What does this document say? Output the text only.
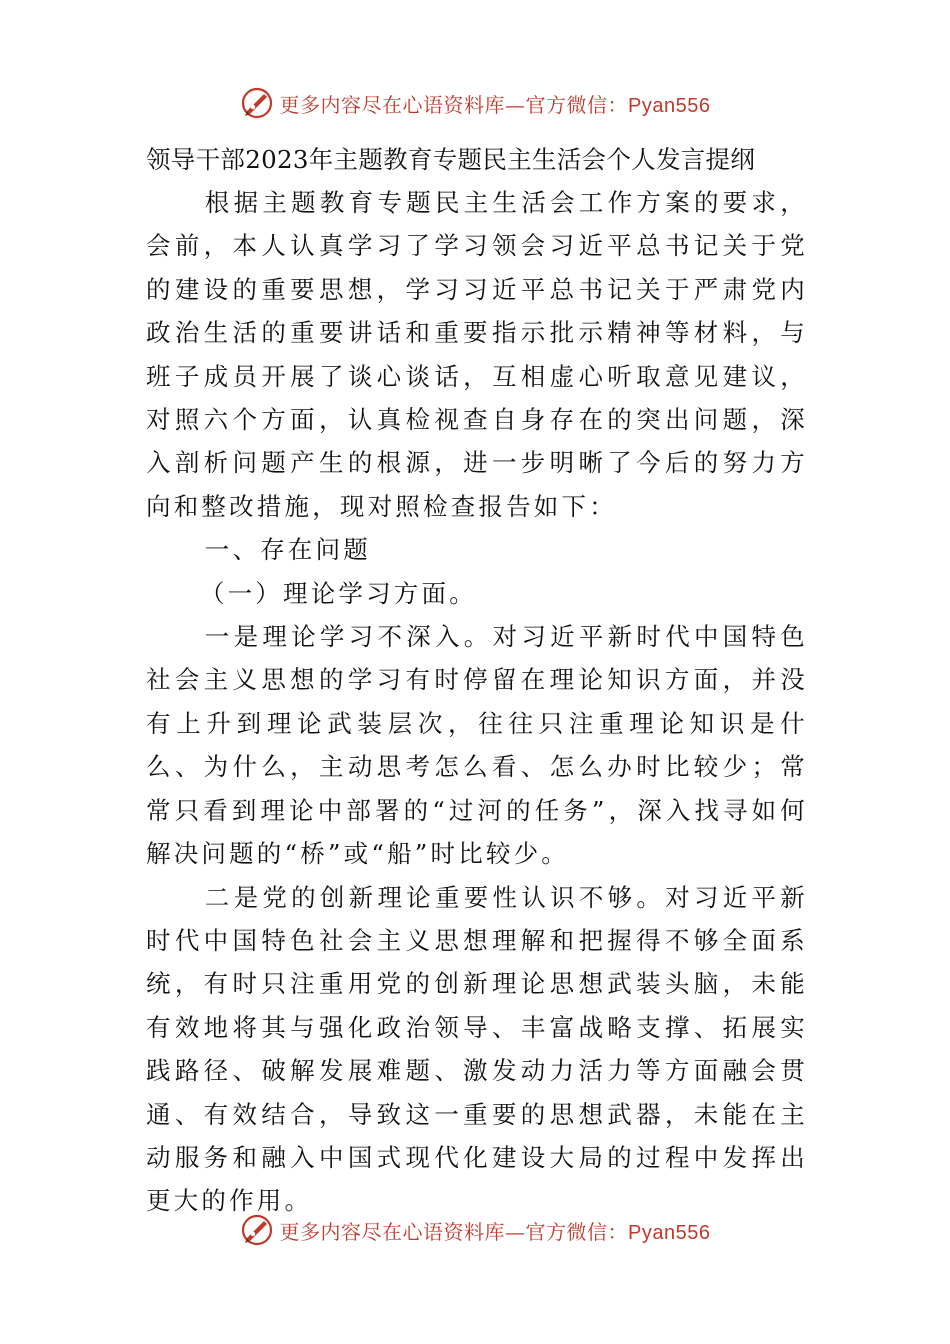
更多内容尽在心语资料库—官方微信：Pyan556

领导干部2023年主题教育专题民主生活会个人发言提纲

根据主题教育专题民主生活会工作方案的要求，会前，本人认真学习了学习领会习近平总书记关于党的建设的重要思想，学习习近平总书记关于严肃党内政治生活的重要讲话和重要指示批示精神等材料，与班子成员开展了谈心谈话，互相虚心听取意见建议，对照六个方面，认真检视查自身存在的突出问题，深入剖析问题产生的根源，进一步明晰了今后的努力方向和整改措施，现对照检查报告如下：

一、存在问题

（一）理论学习方面。

一是理论学习不深入。对习近平新时代中国特色社会主义思想的学习有时停留在理论知识方面，并没有上升到理论武装层次，往往只注重理论知识是什么、为什么，主动思考怎么看、怎么办时比较少；常常只看到理论中部署的“过河的任务”，深入找寻如何解决问题的“桥”或“船”时比较少。

二是党的创新理论重要性认识不够。对习近平新时代中国特色社会主义思想理解和把握得不够全面系统，有时只注重用党的创新理论思想武装头脑，未能有效地将其与强化政治领导、丰富战略支撑、拓展实践路径、破解发展难题、激发动力活力等方面融会贯通、有效结合，导致这一重要的思想武器，未能在主动服务和融入中国式现代化建设大局的过程中发挥出更大的作用。

更多内容尽在心语资料库—官方微信：Pyan556
